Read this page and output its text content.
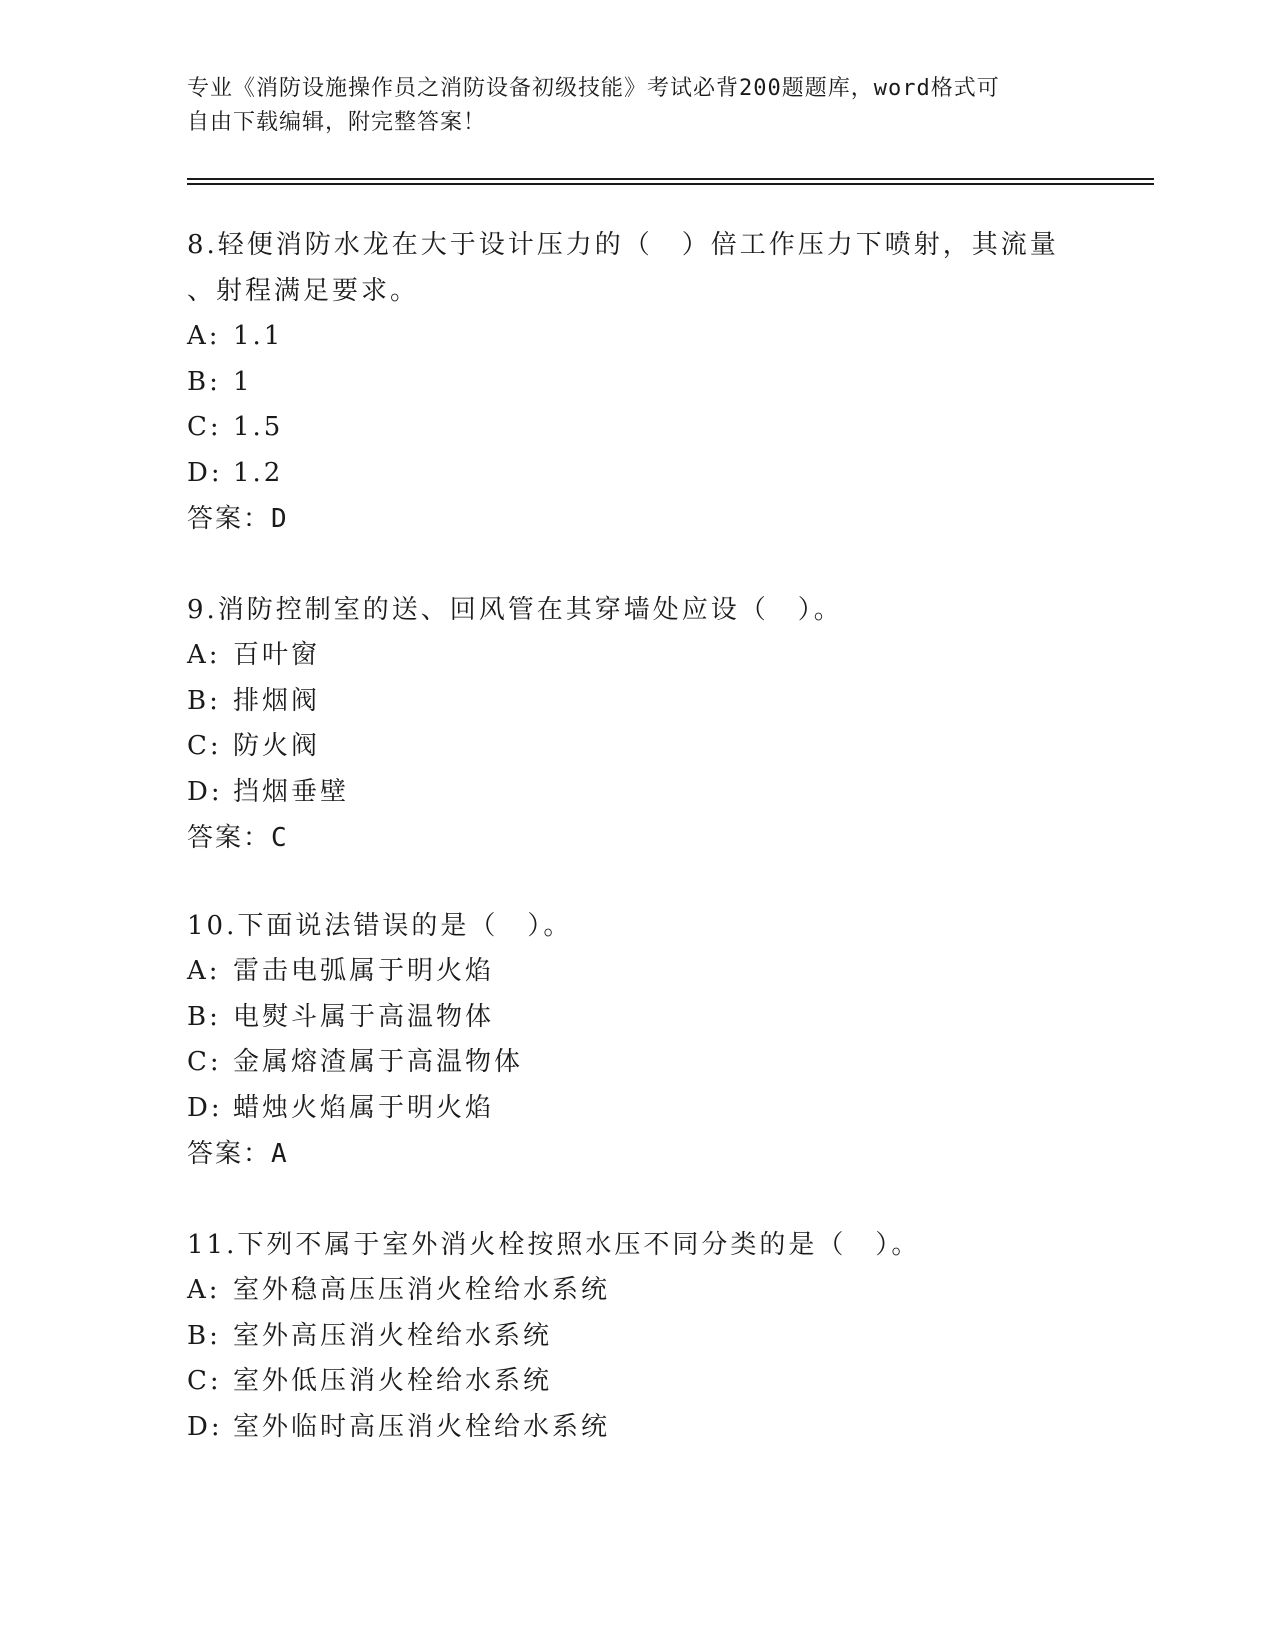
专业《消防设施操作员之消防设备初级技能》考试必背200题题库，word格式可
自由下载编辑，附完整答案！

8.轻便消防水龙在大于设计压力的（　）倍工作压力下喷射，其流量

、射程满足要求。

A: 1.1

B: 1

C: 1.5

D: 1.2

答案：D

9.消防控制室的送、回风管在其穿墙处应设（　）。

A: 百叶窗

B: 排烟阀

C: 防火阀

D: 挡烟垂壁

答案：C

10.下面说法错误的是（　）。

A: 雷击电弧属于明火焰

B: 电熨斗属于高温物体

C: 金属熔渣属于高温物体

D: 蜡烛火焰属于明火焰

答案：A

11.下列不属于室外消火栓按照水压不同分类的是（　）。

A: 室外稳高压压消火栓给水系统

B: 室外高压消火栓给水系统

C: 室外低压消火栓给水系统

D: 室外临时高压消火栓给水系统
